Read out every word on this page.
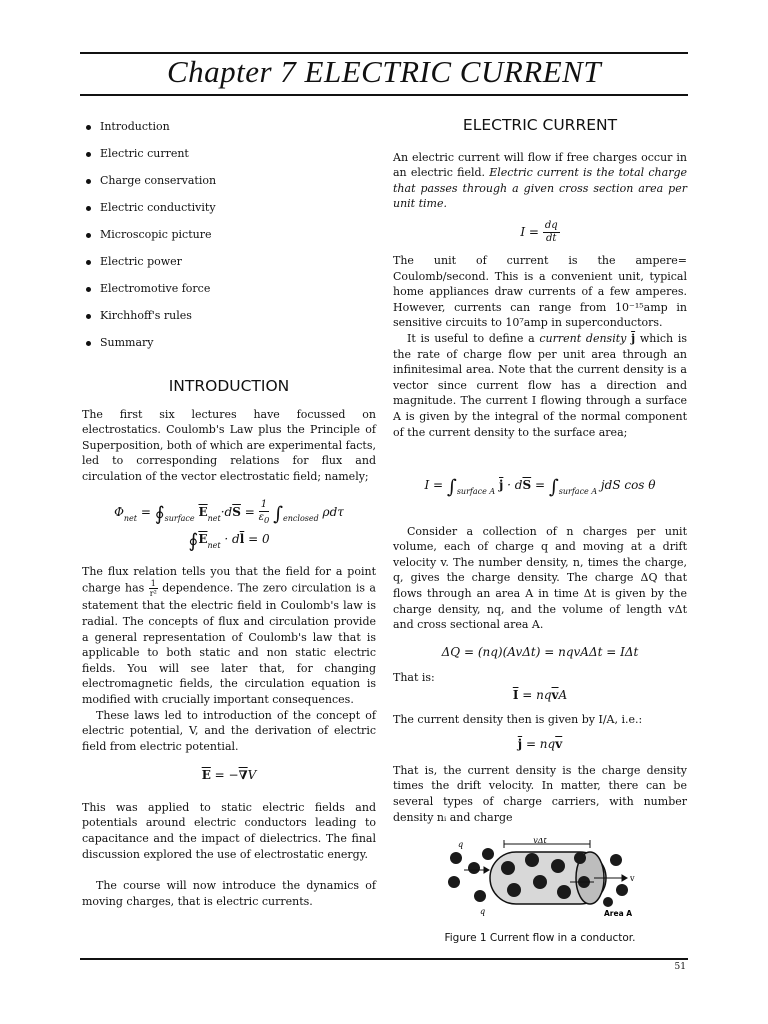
Chapter 7 ELECTRIC CURRENT
Introduction
Electric current
Charge conservation
Electric conductivity
Microscopic picture
Electric power
Electromotive force
Kirchhoff's rules
Summary
INTRODUCTION

The first six lectures have focussed on electrostatics. Coulomb's Law plus the Principle of Superposition, both of which are experimental facts, led to corresponding relations for flux and circulation of the vector electrostatic field; namely;

$\Phi_{net}$ = $∮_{surface}$ $\overline{E}_{net}\cdot d\overline{S} = \frac{1}{\varepsilon_0} \int_{enclosed}$ ρdτ
$∮\overline{E}_{net} \cdot d\overline{l} = 0$

The flux relation tells you that the field for a point charge has $\frac{1}{\text{r²}}$ dependence. The zero circulation is a statement that the electric field in Coulomb's law is radial. The concepts of flux and circulation provide a general representation of Coulomb's law that is applicable to both static and non static electric fields. You will see later that, for changing electromagnetic fields, the circulation equation is modified with crucially important consequences.

These laws led to introduction of the concept of electric potential, V, and the derivation of electric field from electric potential.

$\overline{E} = -\nabla V$

This was applied to static electric fields and potentials around electric conductors leading to capacitance and the impact of dielectrics. The final discussion explored the use of electrostatic energy.

The course will now introduce the dynamics of moving charges, that is electric currents.

ELECTRIC CURRENT

An electric current will flow if free charges occur in an electric field. Electric current is the total charge that passes through a given cross section area per unit time.

$I = \frac{dq}{dt}$

The unit of current is the ampere= Coulomb/second. This is a convenient unit, typical home appliances draw currents of a few amperes. However, currents can range from 10⁻¹⁵amp in sensitive circuits to 10⁷amp in superconductors.

It is useful to define a current density $\overline{j}$ which is the rate of charge flow per unit area through an infinitesimal area. Note that the current density is a vector since current flow has a direction and magnitude. The current I flowing through a surface A is given by the integral of the normal component of the current density to the surface area;

$I = \int_{surface A}$ $\overline{j} \cdot d\overline{S} = \int_{surface A}$ jdS cos θ

Consider a collection of n charges per unit volume, each of charge q and moving at a drift velocity v. The number density, n, times the charge, q, gives the charge density. The charge ΔQ that flows through an area A in time Δt is given by the charge density, nq, and the volume of length vΔt and cross sectional area A.

ΔQ = (nq)(AvΔt) = nqvAΔt = IΔt

That is:

$\overline{I} = nq\overline{v}A$

The current density then is given by I/A, i.e.:

$\overline{j} = nq\overline{v}$

That is, the current density is the charge density times the drift velocity. In matter, there can be several types of charge carriers, with number density nᵢ and charge

vΔt
q
q
v
Area A
Figure 1 Current flow in a conductor.
51
